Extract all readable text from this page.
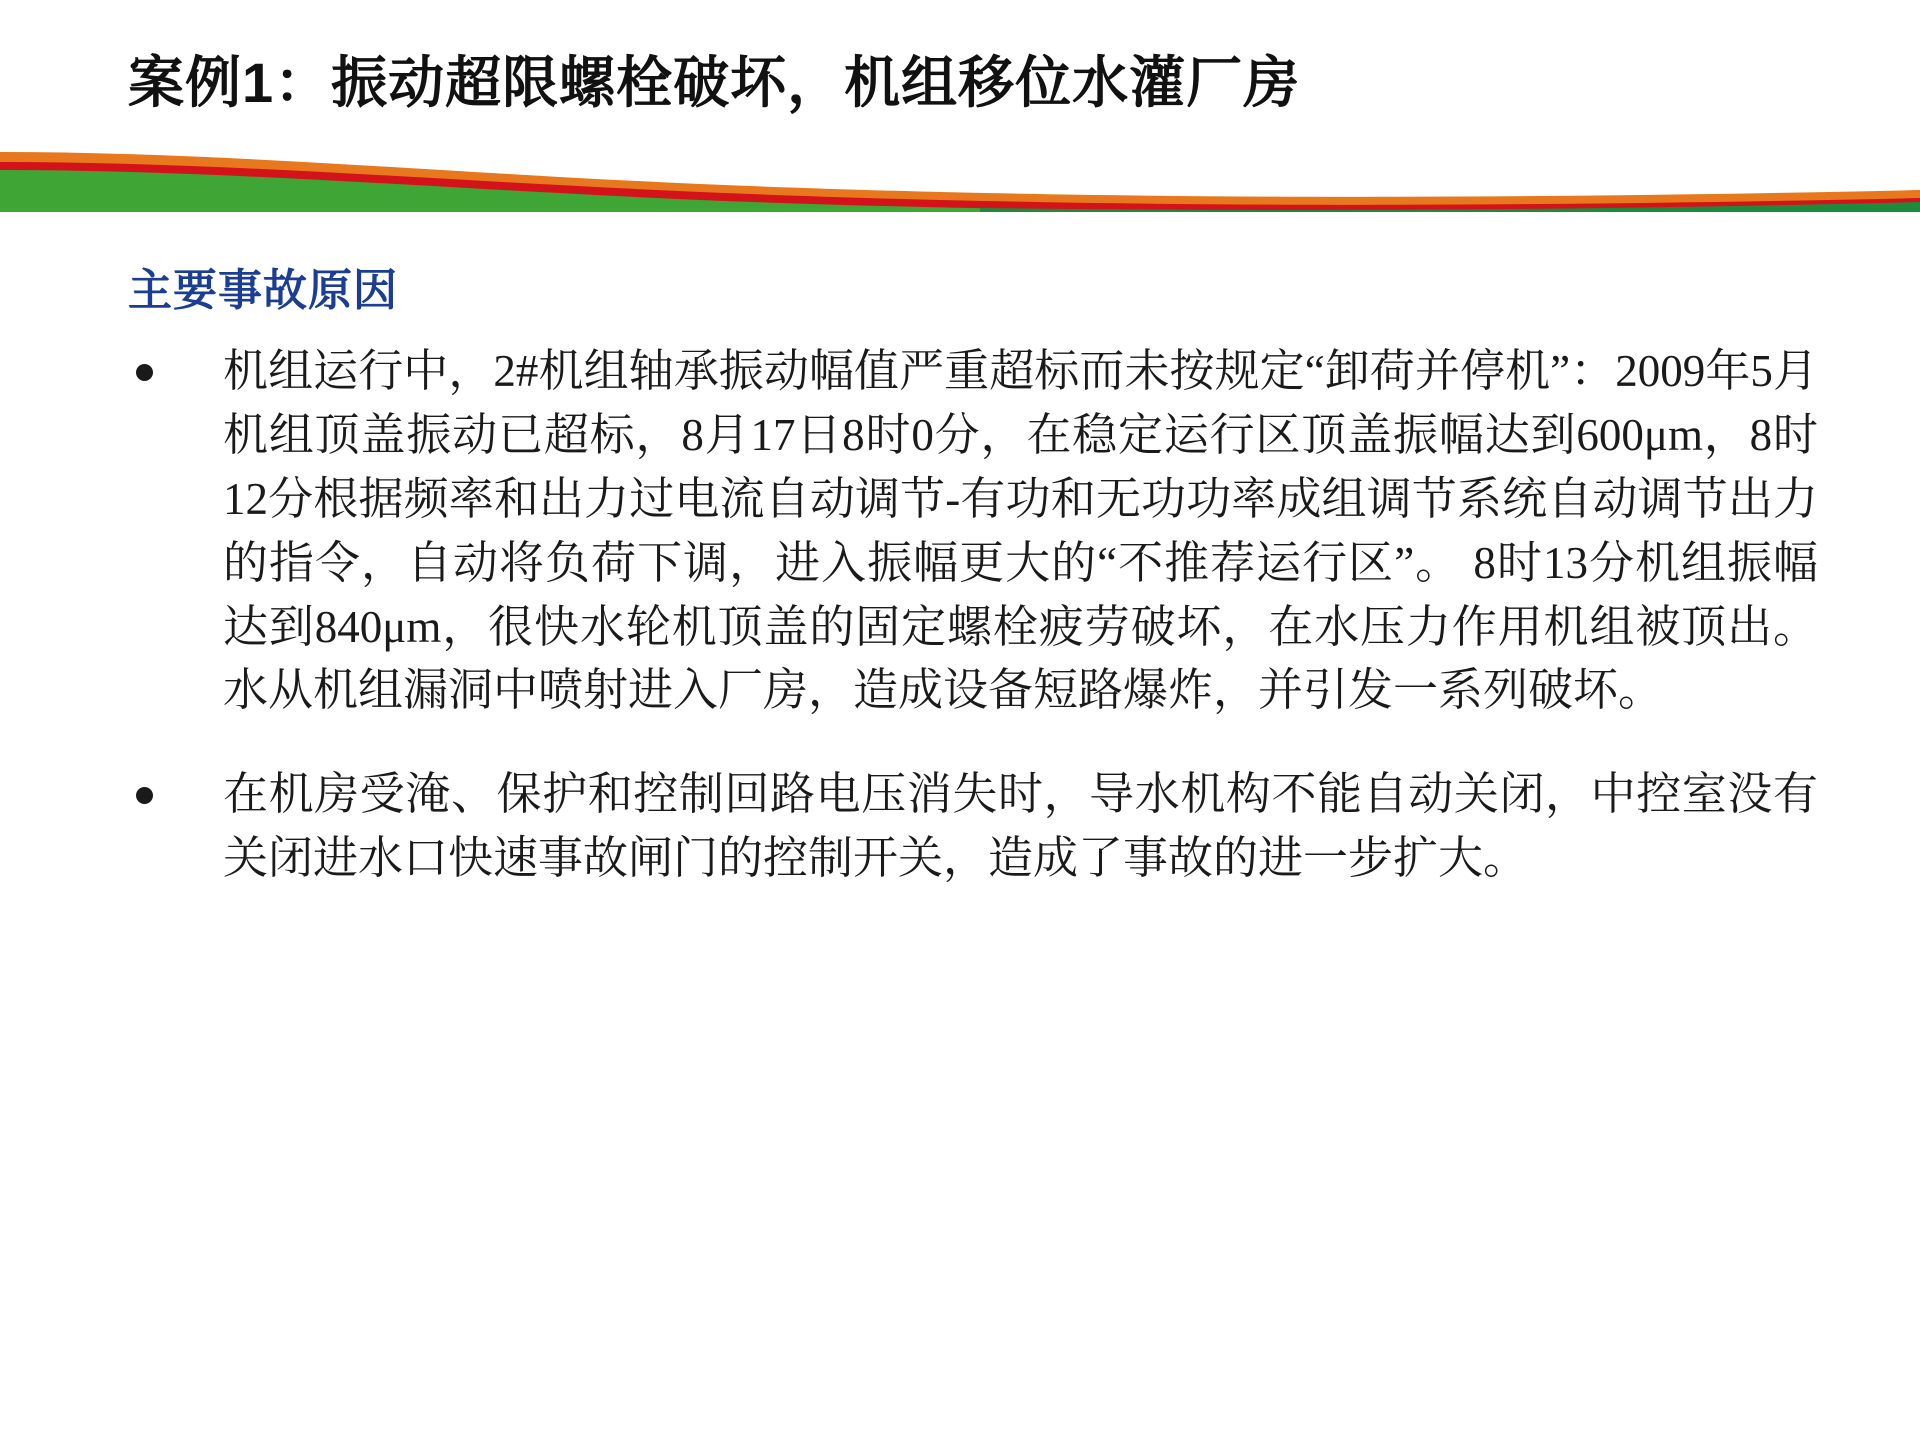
案例1：振动超限螺栓破坏，机组移位水灌厂房
主要事故原因
机组运行中，2#机组轴承振动幅值严重超标而未按规定“卸荷并停机”：2009年5月机组顶盖振动已超标，8月17日8时0分，在稳定运行区顶盖振幅达到600μm，8时12分根据频率和出力过电流自动调节-有功和无功功率成组调节系统自动调节出力的指令，自动将负荷下调，进入振幅更大的“不推荐运行区”。 8时13分机组振幅达到840μm，很快水轮机顶盖的固定螺栓疲劳破坏，在水压力作用机组被顶出。水从机组漏洞中喷射进入厂房，造成设备短路爆炸，并引发一系列破坏。
在机房受淹、保护和控制回路电压消失时，导水机构不能自动关闭，中控室没有关闭进水口快速事故闸门的控制开关，造成了事故的进一步扩大。
